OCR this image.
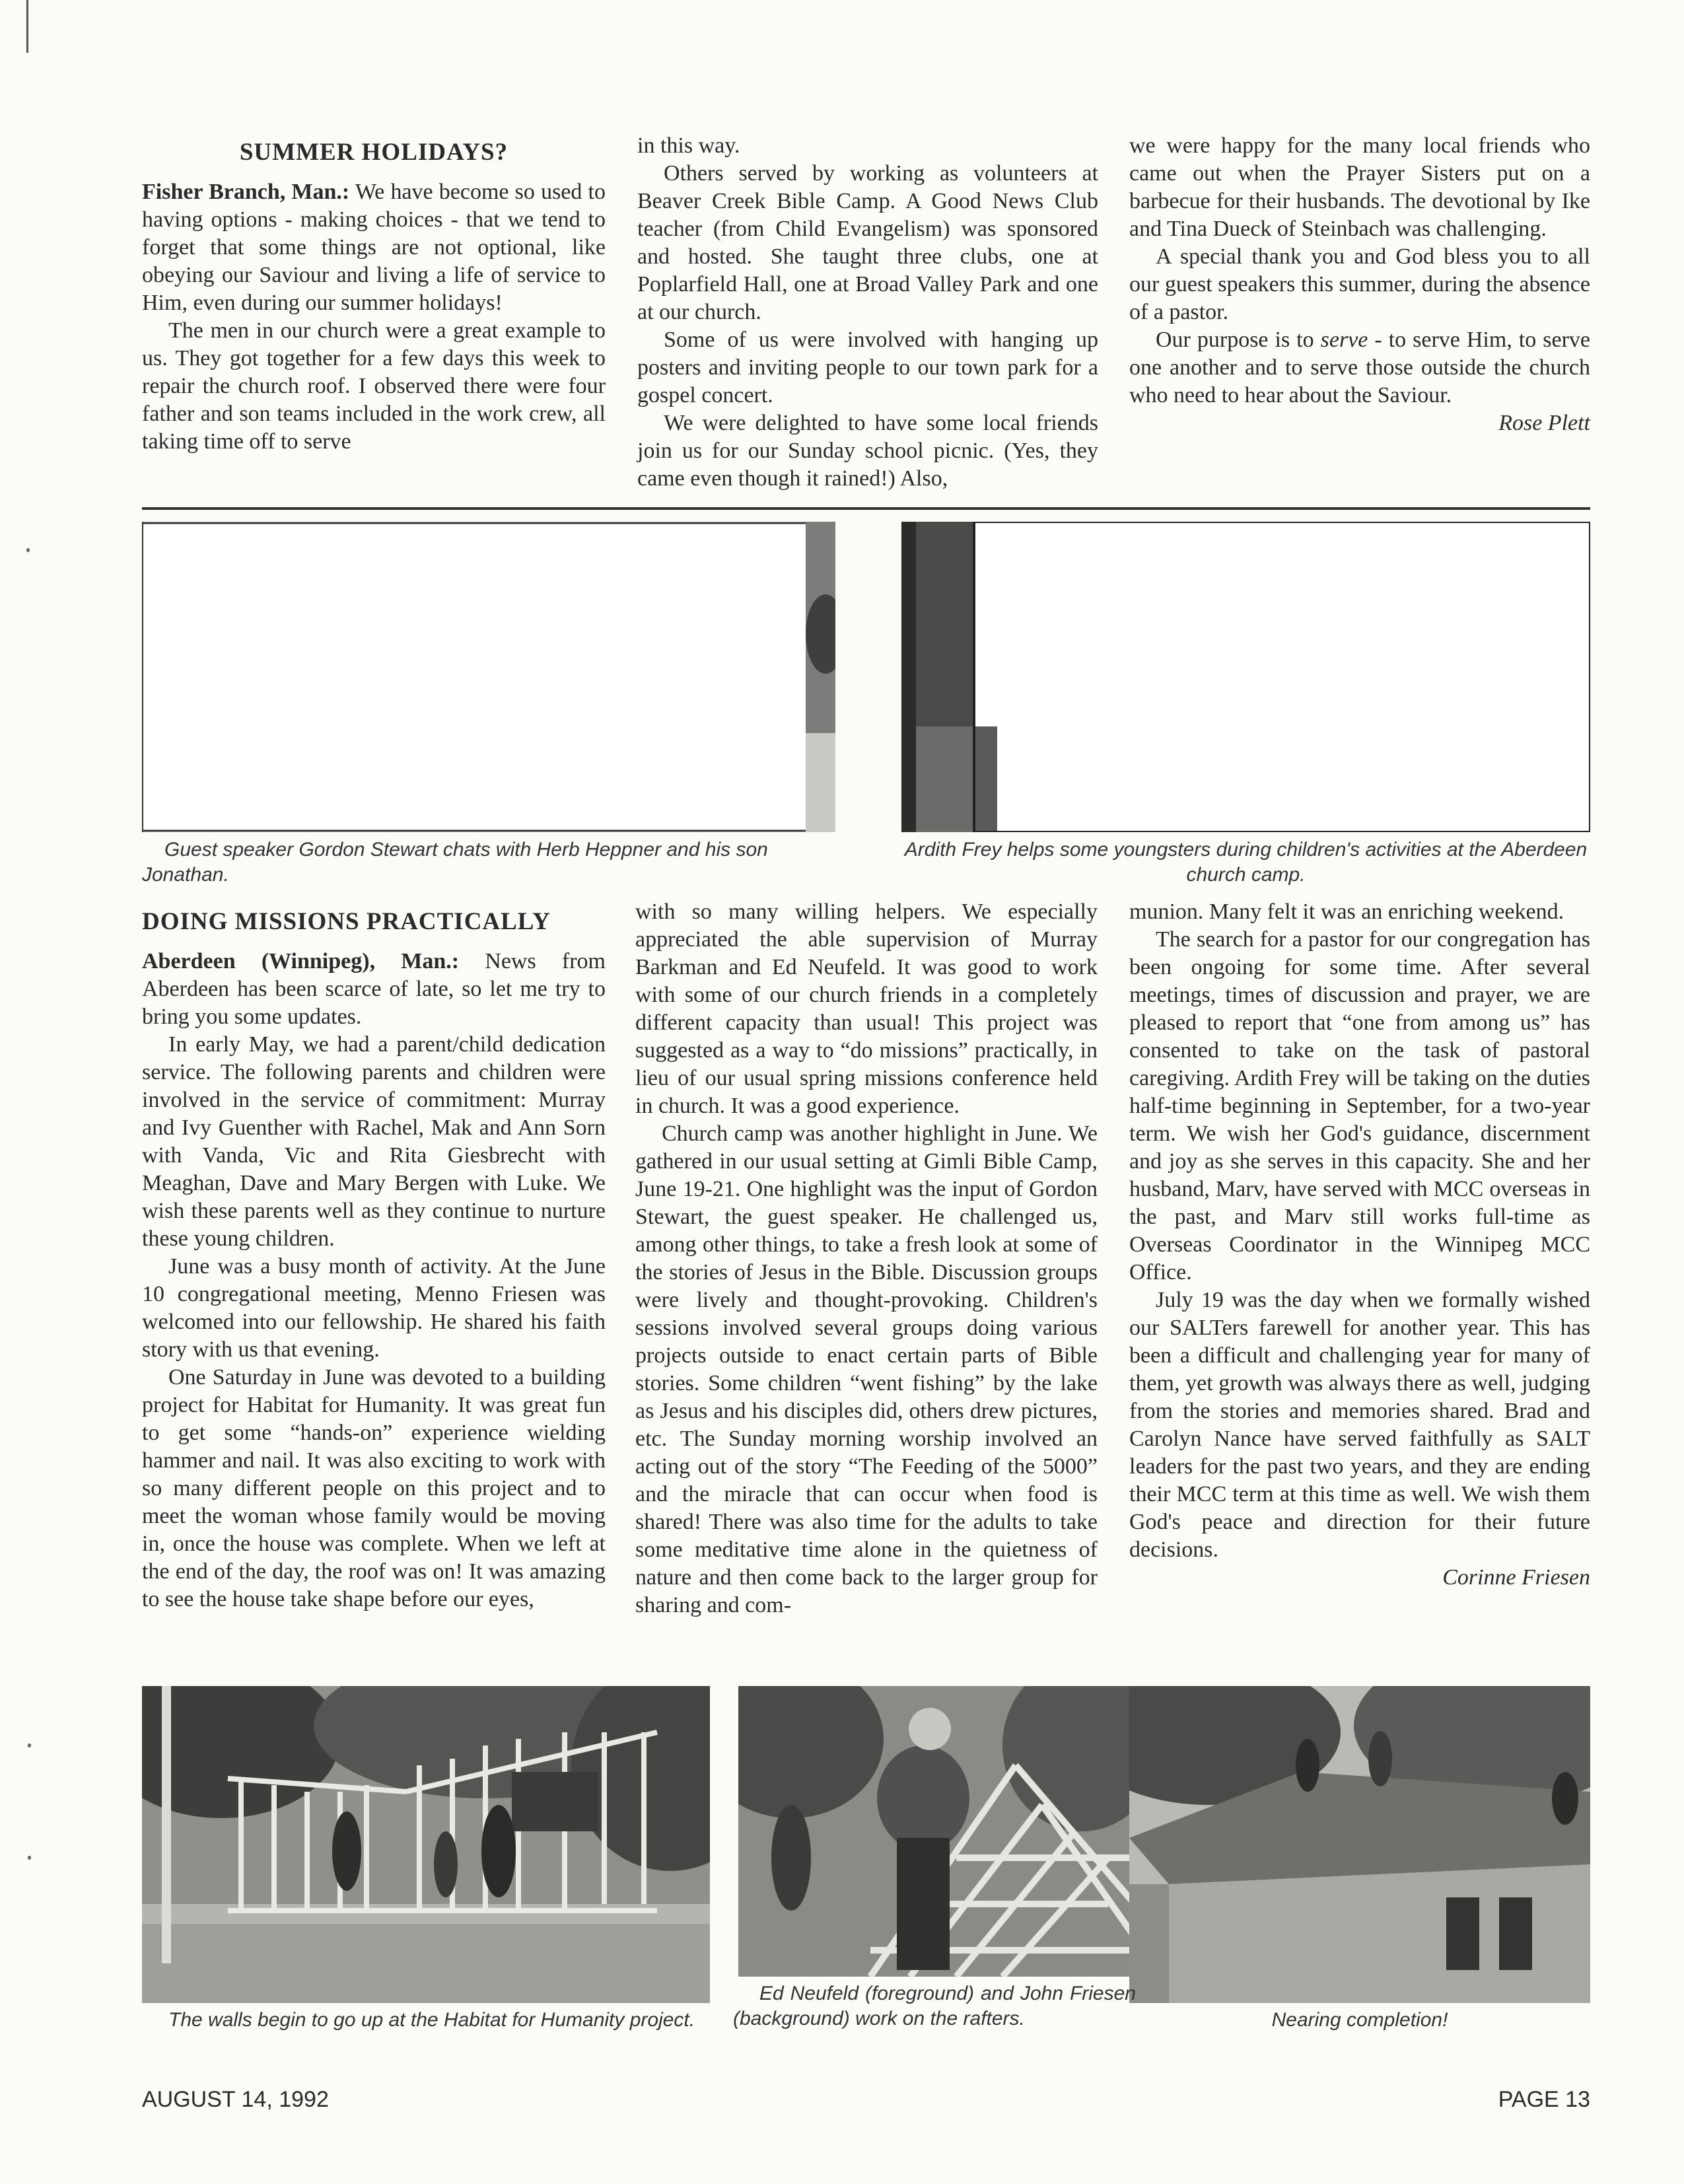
SUMMER HOLIDAYS?

Fisher Branch, Man.: We have become so used to having options - making choices - that we tend to forget that some things are not optional, like obeying our Saviour and living a life of service to Him, even during our summer holidays!

The men in our church were a great example to us. They got together for a few days this week to repair the church roof. I observed there were four father and son teams included in the work crew, all taking time off to serve

in this way.

Others served by working as volunteers at Beaver Creek Bible Camp. A Good News Club teacher (from Child Evangelism) was sponsored and hosted. She taught three clubs, one at Poplarfield Hall, one at Broad Valley Park and one at our church.

Some of us were involved with hanging up posters and inviting people to our town park for a gospel concert.

We were delighted to have some local friends join us for our Sunday school picnic. (Yes, they came even though it rained!) Also,

we were happy for the many local friends who came out when the Prayer Sisters put on a barbecue for their husbands. The devotional by Ike and Tina Dueck of Steinbach was challenging.

A special thank you and God bless you to all our guest speakers this summer, during the absence of a pastor.

Our purpose is to serve - to serve Him, to serve one another and to serve those outside the church who need to hear about the Saviour.

Rose Plett

Guest speaker Gordon Stewart chats with Herb Heppner and his son Jonathan.
Ardith Frey helps some youngsters during children's activities at the Aberdeen church camp.
DOING MISSIONS PRACTICALLY

Aberdeen (Winnipeg), Man.: News from Aberdeen has been scarce of late, so let me try to bring you some updates.

In early May, we had a parent/child dedication service. The following parents and children were involved in the service of commitment: Murray and Ivy Guenther with Rachel, Mak and Ann Sorn with Vanda, Vic and Rita Giesbrecht with Meaghan, Dave and Mary Bergen with Luke. We wish these parents well as they continue to nurture these young children.

June was a busy month of activity. At the June 10 congregational meeting, Menno Friesen was welcomed into our fellowship. He shared his faith story with us that evening.

One Saturday in June was devoted to a building project for Habitat for Humanity. It was great fun to get some “hands-on” experience wielding hammer and nail. It was also exciting to work with so many different people on this project and to meet the woman whose family would be moving in, once the house was complete. When we left at the end of the day, the roof was on! It was amazing to see the house take shape before our eyes,

with so many willing helpers. We especially appreciated the able supervision of Murray Barkman and Ed Neufeld. It was good to work with some of our church friends in a completely different capacity than usual! This project was suggested as a way to “do missions” practically, in lieu of our usual spring missions conference held in church. It was a good experience.

Church camp was another highlight in June. We gathered in our usual setting at Gimli Bible Camp, June 19-21. One highlight was the input of Gordon Stewart, the guest speaker. He challenged us, among other things, to take a fresh look at some of the stories of Jesus in the Bible. Discussion groups were lively and thought-provoking. Children's sessions involved several groups doing various projects outside to enact certain parts of Bible stories. Some children “went fishing” by the lake as Jesus and his disciples did, others drew pictures, etc. The Sunday morning worship involved an acting out of the story “The Feeding of the 5000” and the miracle that can occur when food is shared! There was also time for the adults to take some meditative time alone in the quietness of nature and then come back to the larger group for sharing and com-

munion. Many felt it was an enriching weekend.

The search for a pastor for our congregation has been ongoing for some time. After several meetings, times of discussion and prayer, we are pleased to report that “one from among us” has consented to take on the task of pastoral caregiving. Ardith Frey will be taking on the duties half-time beginning in September, for a two-year term. We wish her God's guidance, discernment and joy as she serves in this capacity. She and her husband, Marv, have served with MCC overseas in the past, and Marv still works full-time as Overseas Coordinator in the Winnipeg MCC Office.

July 19 was the day when we formally wished our SALTers farewell for another year. This has been a difficult and challenging year for many of them, yet growth was always there as well, judging from the stories and memories shared. Brad and Carolyn Nance have served faithfully as SALT leaders for the past two years, and they are ending their MCC term at this time as well. We wish them God's peace and direction for their future decisions.

Corinne Friesen

The walls begin to go up at the Habitat for Humanity project.
Ed Neufeld (foreground) and John Friesen (background) work on the rafters.	Nearing completion!
AUGUST 14, 1992	PAGE 13
